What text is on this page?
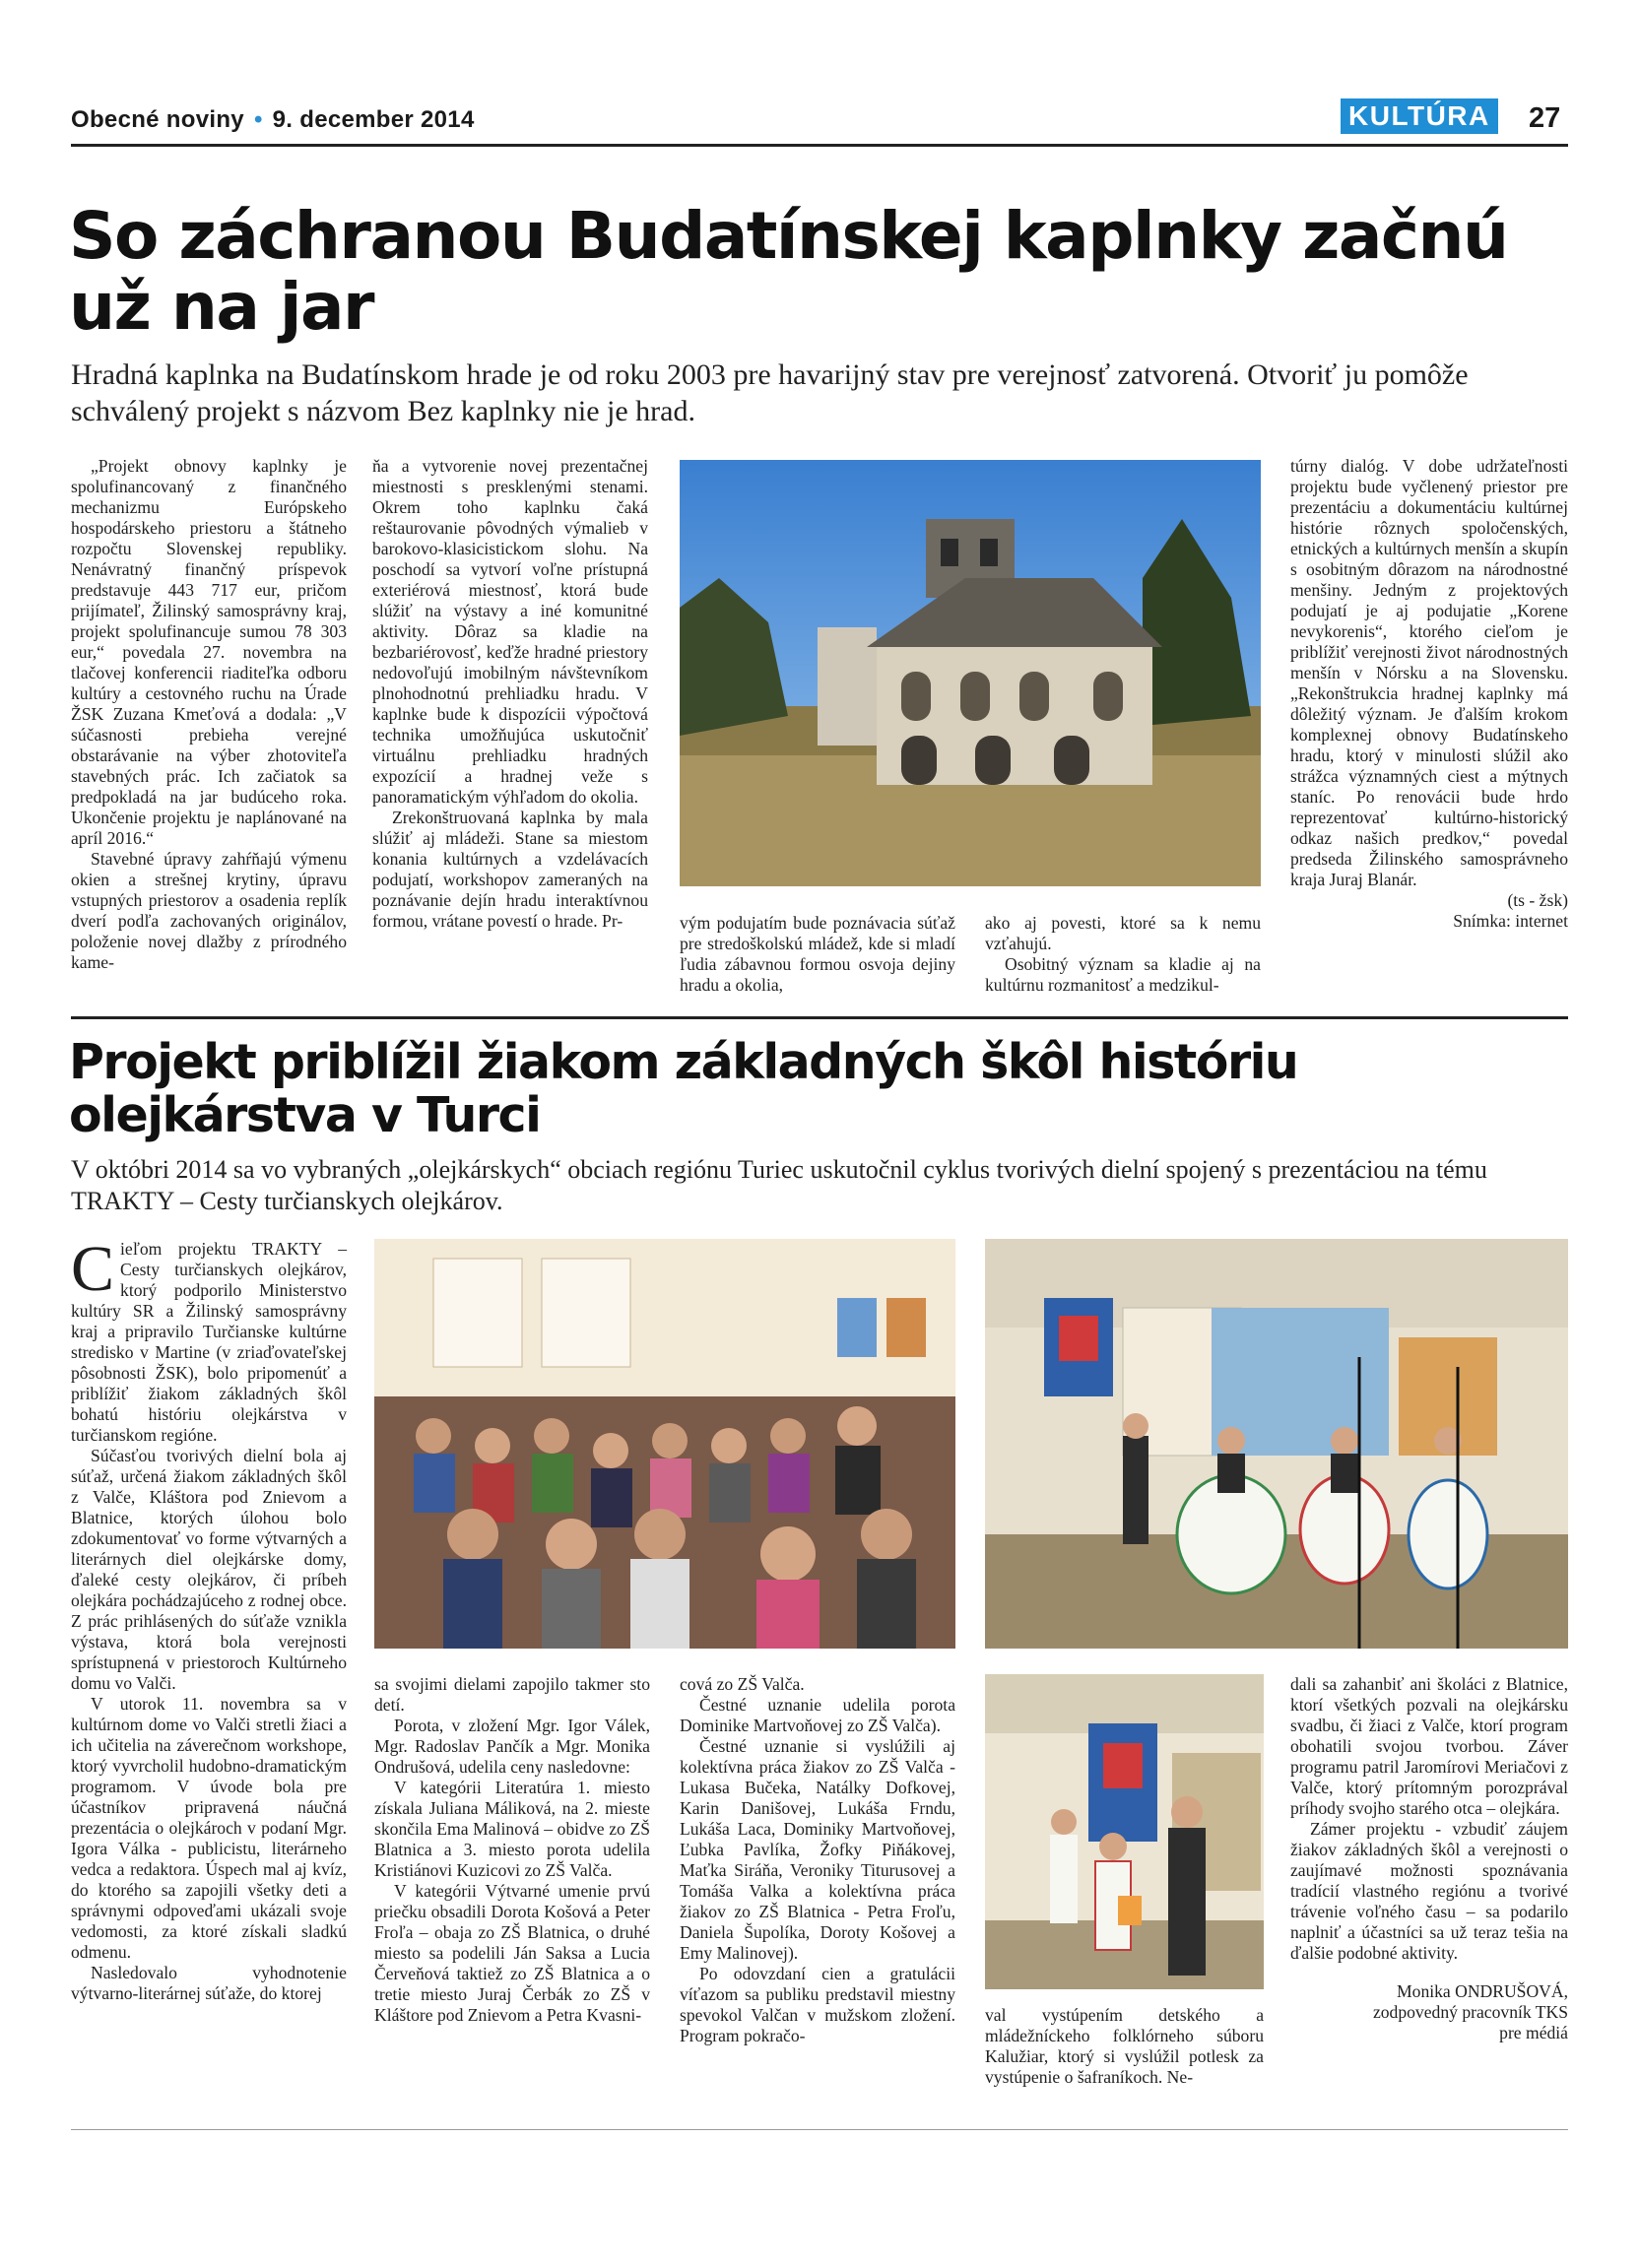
Obecné noviny • 9. december 2014	KULTÚRA 27
So záchranou Budatínskej kaplnky začnú už na jar
Hradná kaplnka na Budatínskom hrade je od roku 2003 pre havarijný stav pre verejnosť zatvorená. Otvoriť ju pomôže schválený projekt s názvom Bez kaplnky nie je hrad.

„Projekt obnovy kaplnky je spolufinancovaný z finančného mechanizmu Európskeho hospodárskeho priestoru a štátneho rozpočtu Slovenskej republiky. Nenávratný finančný príspevok predstavuje 443 717 eur, pričom prijímateľ, Žilinský samosprávny kraj, projekt spolufinancuje sumou 78 303 eur,“ povedala 27. novembra na tlačovej konferencii riaditeľka odboru kultúry a cestovného ruchu na Úrade ŽSK Zuzana Kmeťová a dodala: „V súčasnosti prebieha verejné obstarávanie na výber zhotoviteľa stavebných prác. Ich začiatok sa predpokladá na jar budúceho roka. Ukončenie projektu je naplánované na apríl 2016.“

Stavebné úpravy zahŕňajú výmenu okien a strešnej krytiny, úpravu vstupných priestorov a osadenia replík dverí podľa zachovaných originálov, položenie novej dlažby z prírodného kame-

ňa a vytvorenie novej prezentačnej miestnosti s presklenými stenami. Okrem toho kaplnku čaká reštaurovanie pôvodných výmalieb v barokovo-klasicistickom slohu. Na poschodí sa vytvorí voľne prístupná exteriérová miestnosť, ktorá bude slúžiť na výstavy a iné komunitné aktivity. Dôraz sa kladie na bezbariérovosť, keďže hradné priestory nedovoľujú imobilným návštevníkom plnohodnotnú prehliadku hradu. V kaplnke bude k dispozícii výpočtová technika umožňujúca uskutočniť virtuálnu prehliadku hradných expozícií a hradnej veže s panoramatickým výhľadom do okolia.

Zrekonštruovaná kaplnka by mala slúžiť aj mládeži. Stane sa miestom konania kultúrnych a vzdelávacích podujatí, workshopov zameraných na poznávanie dejín hradu interaktívnou formou, vrátane povestí o hrade. Pr-	vým podujatím bude poznávacia súťaž pre stredoškolskú mládež, kde si mladí ľudia zábavnou formou osvoja dejiny hradu a okolia,

ako aj povesti, ktoré sa k nemu vzťahujú.

Osobitný význam sa kladie aj na kultúrnu rozmanitosť a medzikul-

túrny dialóg. V dobe udržateľnosti projektu bude vyčlenený priestor pre prezentáciu a dokumentáciu kultúrnej histórie rôznych spoločenských, etnických a kultúrnych menšín a skupín s osobitným dôrazom na národnostné menšiny. Jedným z projektových podujatí je aj podujatie „Korene nevykorenis“, ktorého cieľom je priblížiť verejnosti život národnostných menšín v Nórsku a na Slovensku. „Rekonštrukcia hradnej kaplnky má dôležitý význam. Je ďalším krokom komplexnej obnovy Budatínskeho hradu, ktorý v minulosti slúžil ako strážca významných ciest a mýtnych staníc. Po renovácii bude hrdo reprezentovať kultúrno-historický odkaz našich predkov,“ povedal predseda Žilinského samosprávneho kraja Juraj Blanár.

(ts - žsk)

Snímka: internet

Projekt priblížil žiakom základných škôl históriu olejkárstva v Turci
V októbri 2014 sa vo vybraných „olejkárskych“ obciach regiónu Turiec uskutočnil cyklus tvorivých dielní spojený s prezentáciou na tému TRAKTY – Cesty turčianskych olejkárov.

Cieľom projektu TRAKTY – Cesty turčianskych olejkárov, ktorý podporilo Ministerstvo kultúry SR a Žilinský samosprávny kraj a pripravilo Turčianske kultúrne stredisko v Martine (v zriaďovateľskej pôsobnosti ŽSK), bolo pripomenúť a priblížiť žiakom základných škôl bohatú históriu olejkárstva v turčianskom regióne.

Súčasťou tvorivých dielní bola aj súťaž, určená žiakom základných škôl z Valče, Kláštora pod Znievom a Blatnice, ktorých úlohou bolo zdokumentovať vo forme výtvarných a literárnych diel olejkárske domy, ďaleké cesty olejkárov, či príbeh olejkára pochádzajúceho z rodnej obce. Z prác prihlásených do súťaže vznikla výstava, ktorá bola verejnosti sprístupnená v priestoroch Kultúrneho domu vo Valči.

V utorok 11. novembra sa v kultúrnom dome vo Valči stretli žiaci a ich učitelia na záverečnom workshope, ktorý vyvrcholil hudobno-dramatickým programom. V úvode bola pre účastníkov pripravená náučná prezentácia o olejkároch v podaní Mgr. Igora Válka - publicistu, literárneho vedca a redaktora. Úspech mal aj kvíz, do ktorého sa zapojili všetky deti a správnymi odpoveďami ukázali svoje vedomosti, za ktoré získali sladkú odmenu.

Nasledovalo vyhodnotenie výtvarno-literárnej súťaže, do ktorej

sa svojimi dielami zapojilo takmer sto detí.

Porota, v zložení Mgr. Igor Válek, Mgr. Radoslav Pančík a Mgr. Monika Ondrušová, udelila ceny nasledovne:

V kategórii Literatúra 1. miesto získala Juliana Máliková, na 2. mieste skončila Ema Malinová – obidve zo ZŠ Blatnica a 3. miesto porota udelila Kristiánovi Kuzicovi zo ZŠ Valča.

V kategórii Výtvarné umenie prvú priečku obsadili Dorota Košová a Peter Froľa – obaja zo ZŠ Blatnica, o druhé miesto sa podelili Ján Saksa a Lucia Červeňová taktiež zo ZŠ Blatnica a o tretie miesto Juraj Čerbák zo ZŠ v Kláštore pod Znievom a Petra Kvasni-

cová zo ZŠ Valča.

Čestné uznanie udelila porota Dominike Martvoňovej zo ZŠ Valča).

Čestné uznanie si vyslúžili aj kolektívna práca žiakov zo ZŠ Valča - Lukasa Bučeka, Natálky Dofkovej, Karin Danišovej, Lukáša Frndu, Lukáša Laca, Dominiky Martvoňovej, Ľubka Pavlíka, Žofky Piňákovej, Maťka Siráňa, Veroniky Titurusovej a Tomáša Valka a kolektívna práca žiakov zo ZŠ Blatnica - Petra Froľu, Daniela Šupolíka, Doroty Košovej a Emy Malinovej).

Po odovzdaní cien a gratulácii víťazom sa publiku predstavil miestny spevokol Valčan v mužskom zložení. Program pokračo-

val vystúpením detského a mládežníckeho folklórneho súboru Kalužiar, ktorý si vyslúžil potlesk za vystúpenie o šafraníkoch. Ne-

dali sa zahanbiť ani školáci z Blatnice, ktorí všetkých pozvali na olejkársku svadbu, či žiaci z Valče, ktorí program obohatili svojou tvorbou. Záver programu patril Jaromírovi Meriačovi z Valče, ktorý prítomným porozprával príhody svojho starého otca – olejkára.

Zámer projektu - vzbudiť záujem žiakov základných škôl a verejnosti o zaujímavé možnosti spoznávania tradícií vlastného regiónu a tvorivé trávenie voľného času – sa podarilo naplniť a účastníci sa už teraz tešia na ďalšie podobné aktivity.

Monika ONDRUŠOVÁ,

zodpovedný pracovník TKS

pre médiá
